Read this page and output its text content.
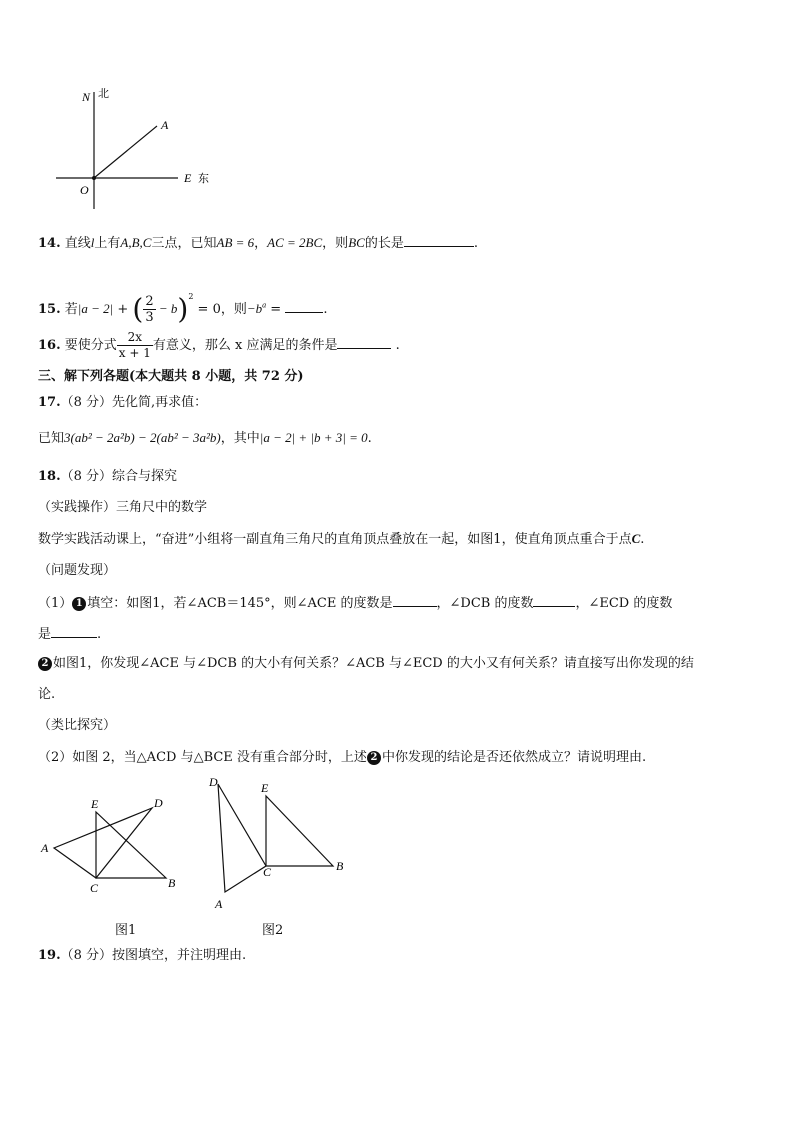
N 北
A
E 东
O
14. 直线l上有A,B,C三点，已知AB = 6，AC = 2BC，则BC的长是	.
15. 若|a − 2| + ( $\frac{2}{3} - b)^2 = 0$，则$-b^a$ =	.
16. 要使分式 $\frac{2x}{x + 1}$ 有意义，那么 x 应满足的条件是	.
三、解下列各题(本大题共 8 小题，共 72 分)
17.（8 分）先化简,再求值：
已知3(ab² − 2a²b) − 2(ab² − 3a²b)，其中|a − 2| + |b + 3| = 0.
18.（8 分）综合与探究
（实践操作）三角尺中的数学
数学实践活动课上，“奋进”小组将一副直角三角尺的直角顶点叠放在一起，如图1，使直角顶点重合于点C.
（问题发现）
（1） 1 填空：如图1，若∠ACB＝145°，则∠ACE 的度数是	，∠DCB 的度数	，∠ECD 的度数
是	.
2 如图1，你发现∠ACE 与∠DCB 的大小有何关系？∠ACB 与∠ECD 的大小又有何关系？请直接写出你发现的结
论.
（类比探究）
（2）如图 2，当△ACD 与△BCE 没有重合部分时，上述 2 中你发现的结论是否还依然成立？请说明理由.
E	D
A
C	B
图1
D	E
C	B
A
图2
19.（8 分）按图填空，并注明理由.
